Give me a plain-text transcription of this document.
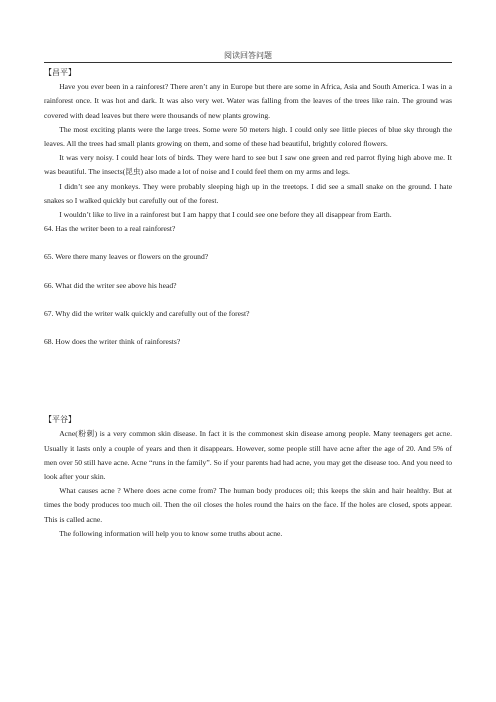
阅读回答问题

【昌平】

Have you ever been in a rainforest? There aren’t any in Europe but there are some in Africa, Asia and South America. I was in a rainforest once. It was hot and dark. It was also very wet. Water was falling from the leaves of the trees like rain. The ground was covered with dead leaves but there were thousands of new plants growing.

The most exciting plants were the large trees. Some were 50 meters high. I could only see little pieces of blue sky through the leaves. All the trees had small plants growing on them, and some of these had beautiful, brightly colored flowers.

It was very noisy. I could hear lots of birds. They were hard to see but I saw one green and red parrot flying high above me. It was beautiful. The insects(昆虫) also made a lot of noise and I could feel them on my arms and legs.

I didn’t see any monkeys. They were probably sleeping high up in the treetops. I did see a small snake on the ground. I hate snakes so I walked quickly but carefully out of the forest.

I wouldn’t like to live in a rainforest but I am happy that I could see one before they all disappear from Earth.

64. Has the writer been to a real rainforest?

65. Were there many leaves or flowers on the ground?

66. What did the writer see above his head?

67. Why did the writer walk quickly and carefully out of the forest?

68. How does the writer think of rainforests?

【平谷】

Acne(粉刺) is a very common skin disease. In fact it is the commonest skin disease among people. Many teenagers get acne. Usually it lasts only a couple of years and then it disappears. However, some people still have acne after the age of 20. And 5% of men over 50 still have acne. Acne “runs in the family”. So if your parents had had acne, you may get the disease too. And you need to look after your skin.

What causes acne ? Where does acne come from? The human body produces oil; this keeps the skin and hair healthy. But at times the body produces too much oil. Then the oil closes the holes round the hairs on the face. If the holes are closed, spots appear. This is called acne.

The following information will help you to know some truths about acne.
